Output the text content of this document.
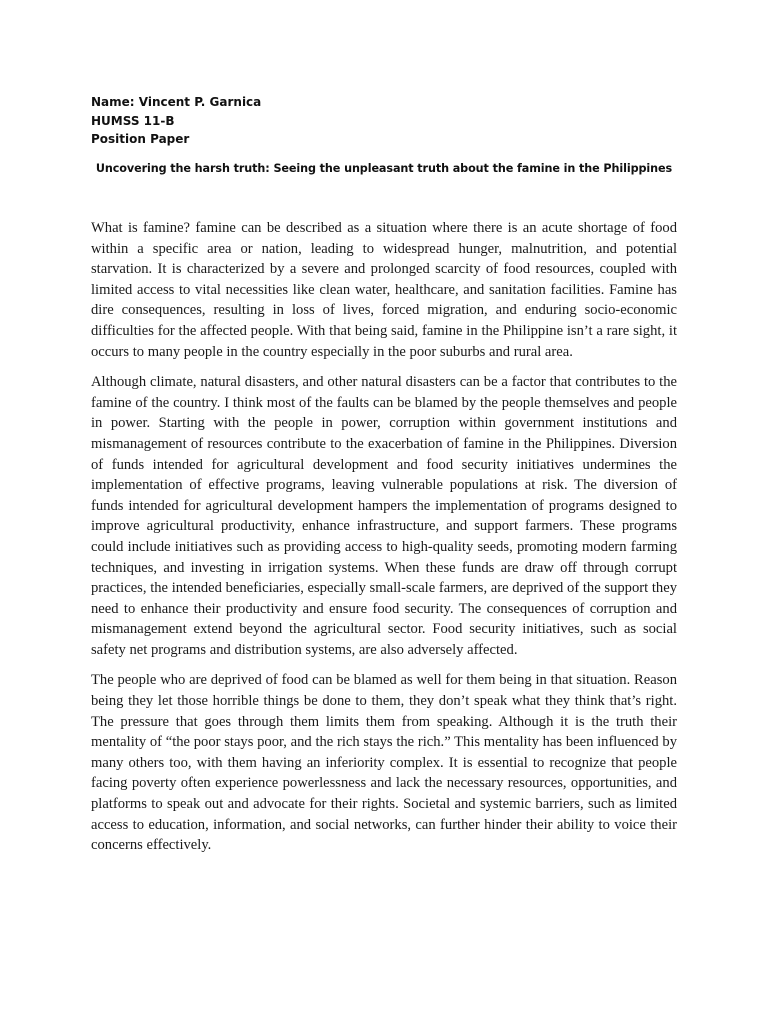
Name: Vincent P. Garnica
HUMSS 11-B
Position Paper
Uncovering the harsh truth: Seeing the unpleasant truth about the famine in the Philippines

What is famine? famine can be described as a situation where there is an acute shortage of food within a specific area or nation, leading to widespread hunger, malnutrition, and potential starvation. It is characterized by a severe and prolonged scarcity of food resources, coupled with limited access to vital necessities like clean water, healthcare, and sanitation facilities. Famine has dire consequences, resulting in loss of lives, forced migration, and enduring socio-economic difficulties for the affected people. With that being said, famine in the Philippine isn’t a rare sight, it occurs to many people in the country especially in the poor suburbs and rural area.

Although climate, natural disasters, and other natural disasters can be a factor that contributes to the famine of the country. I think most of the faults can be blamed by the people themselves and people in power. Starting with the people in power, corruption within government institutions and mismanagement of resources contribute to the exacerbation of famine in the Philippines. Diversion of funds intended for agricultural development and food security initiatives undermines the implementation of effective programs, leaving vulnerable populations at risk. The diversion of funds intended for agricultural development hampers the implementation of programs designed to improve agricultural productivity, enhance infrastructure, and support farmers. These programs could include initiatives such as providing access to high-quality seeds, promoting modern farming techniques, and investing in irrigation systems. When these funds are draw off through corrupt practices, the intended beneficiaries, especially small-scale farmers, are deprived of the support they need to enhance their productivity and ensure food security. The consequences of corruption and mismanagement extend beyond the agricultural sector. Food security initiatives, such as social safety net programs and distribution systems, are also adversely affected.

The people who are deprived of food can be blamed as well for them being in that situation. Reason being they let those horrible things be done to them, they don’t speak what they think that’s right. The pressure that goes through them limits them from speaking. Although it is the truth their mentality of “the poor stays poor, and the rich stays the rich.” This mentality has been influenced by many others too, with them having an inferiority complex. It is essential to recognize that people facing poverty often experience powerlessness and lack the necessary resources, opportunities, and platforms to speak out and advocate for their rights. Societal and systemic barriers, such as limited access to education, information, and social networks, can further hinder their ability to voice their concerns effectively.
